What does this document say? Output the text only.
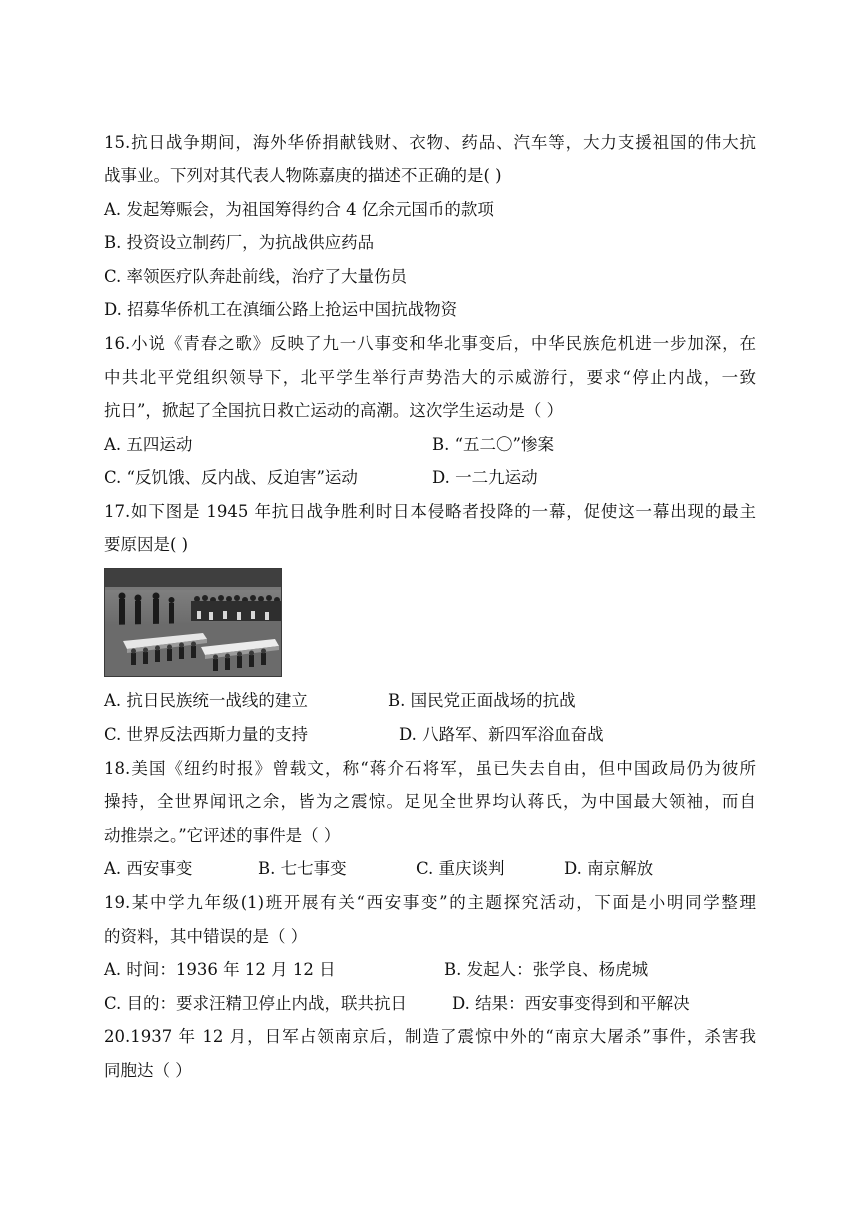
15.抗日战争期间，海外华侨捐献钱财、衣物、药品、汽车等，大力支援祖国的伟大抗
战事业。下列对其代表人物陈嘉庚的描述不正确的是( )
A. 发起筹赈会，为祖国筹得约合 4 亿余元国币的款项
B. 投资设立制药厂，为抗战供应药品
C. 率领医疗队奔赴前线，治疗了大量伤员
D. 招募华侨机工在滇缅公路上抢运中国抗战物资
16.小说《青春之歌》反映了九一八事变和华北事变后，中华民族危机进一步加深，在
中共北平党组织领导下，北平学生举行声势浩大的示威游行，要求“停止内战，一致
抗日”，掀起了全国抗日救亡运动的高潮。这次学生运动是（ ）
A. 五四运动	B. “五二〇”惨案
C. “反饥饿、反内战、反迫害”运动	D. 一二九运动
17.如下图是 1945 年抗日战争胜利时日本侵略者投降的一幕，促使这一幕出现的最主
要原因是( )
A. 抗日民族统一战线的建立	B. 国民党正面战场的抗战
C. 世界反法西斯力量的支持	D. 八路军、新四军浴血奋战
18.美国《纽约时报》曾载文，称“蒋介石将军，虽已失去自由，但中国政局仍为彼所
操持，全世界闻讯之余，皆为之震惊。足见全世界均认蒋氏，为中国最大领袖，而自
动推崇之。”它评述的事件是（ ）
A. 西安事变	B. 七七事变	C. 重庆谈判	D. 南京解放
19.某中学九年级(1)班开展有关“西安事变”的主题探究活动，下面是小明同学整理
的资料，其中错误的是（ ）
A. 时间：1936 年 12 月 12 日	B. 发起人：张学良、杨虎城
C. 目的：要求汪精卫停止内战，联共抗日	D. 结果：西安事变得到和平解决
20.1937 年 12 月，日军占领南京后，制造了震惊中外的“南京大屠杀”事件，杀害我
同胞达（ ）
